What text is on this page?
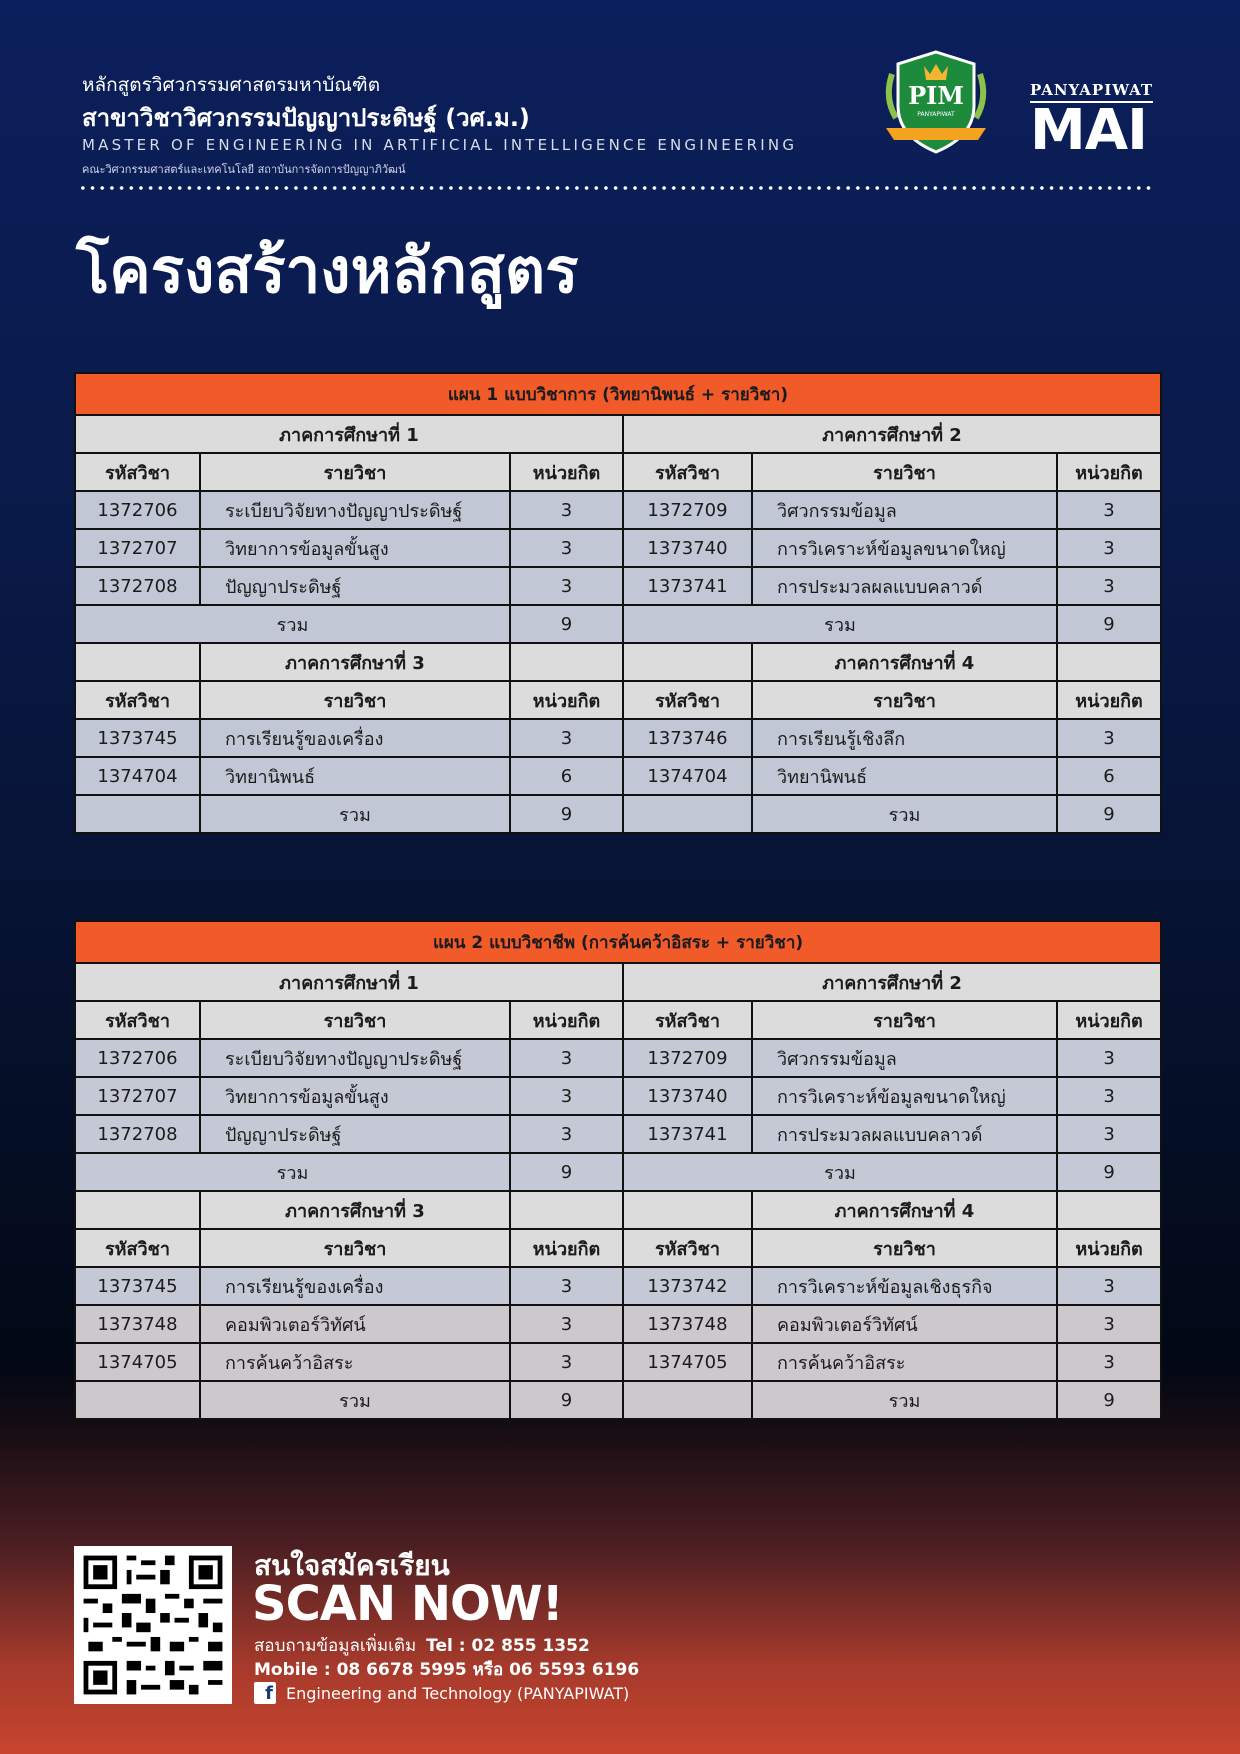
หลักสูตรวิศวกรรมศาสตรมหาบัณฑิต
สาขาวิชาวิศวกรรมปัญญาประดิษฐ์ (วศ.ม.)
MASTER OF ENGINEERING IN ARTIFICIAL INTELLIGENCE ENGINEERING
คณะวิศวกรรมศาสตร์และเทคโนโลยี สถาบันการจัดการปัญญาภิวัฒน์
PIM
PANYAPIWAT
PANYAPIWAT
MAI
โครงสร้างหลักสูตร
แผน 1 แบบวิชาการ (วิทยานิพนธ์ + รายวิชา)					
ภาคการศึกษาที่ 1			ภาคการศึกษาที่ 2		
รหัสวิชา	รายวิชา	หน่วยกิต	รหัสวิชา	รายวิชา	หน่วยกิต
1372706	ระเบียบวิจัยทางปัญญาประดิษฐ์	3	1372709	วิศวกรรมข้อมูล	3
1372707	วิทยาการข้อมูลขั้นสูง	3	1373740	การวิเคราะห์ข้อมูลขนาดใหญ่	3
1372708	ปัญญาประดิษฐ์	3	1373741	การประมวลผลแบบคลาวด์	3
รวม		9	รวม		9
	ภาคการศึกษาที่ 3			ภาคการศึกษาที่ 4	
รหัสวิชา	รายวิชา	หน่วยกิต	รหัสวิชา	รายวิชา	หน่วยกิต
1373745	การเรียนรู้ของเครื่อง	3	1373746	การเรียนรู้เชิงลึก	3
1374704	วิทยานิพนธ์	6	1374704	วิทยานิพนธ์	6
	รวม	9		รวม	9
แผน 2 แบบวิชาชีพ (การค้นคว้าอิสระ + รายวิชา)					
ภาคการศึกษาที่ 1			ภาคการศึกษาที่ 2		
รหัสวิชา	รายวิชา	หน่วยกิต	รหัสวิชา	รายวิชา	หน่วยกิต
1372706	ระเบียบวิจัยทางปัญญาประดิษฐ์	3	1372709	วิศวกรรมข้อมูล	3
1372707	วิทยาการข้อมูลขั้นสูง	3	1373740	การวิเคราะห์ข้อมูลขนาดใหญ่	3
1372708	ปัญญาประดิษฐ์	3	1373741	การประมวลผลแบบคลาวด์	3
รวม		9	รวม		9
	ภาคการศึกษาที่ 3			ภาคการศึกษาที่ 4	
รหัสวิชา	รายวิชา	หน่วยกิต	รหัสวิชา	รายวิชา	หน่วยกิต
1373745	การเรียนรู้ของเครื่อง	3	1373742	การวิเคราะห์ข้อมูลเชิงธุรกิจ	3
1373748	คอมพิวเตอร์วิทัศน์	3	1373748	คอมพิวเตอร์วิทัศน์	3
1374705	การค้นคว้าอิสระ	3	1374705	การค้นคว้าอิสระ	3
	รวม	9		รวม	9
สนใจสมัครเรียน
SCAN NOW!
สอบถามข้อมูลเพิ่มเติม Tel : 02 855 1352
Mobile : 08 6678 5995 หรือ 06 5593 6196
f Engineering and Technology (PANYAPIWAT)
